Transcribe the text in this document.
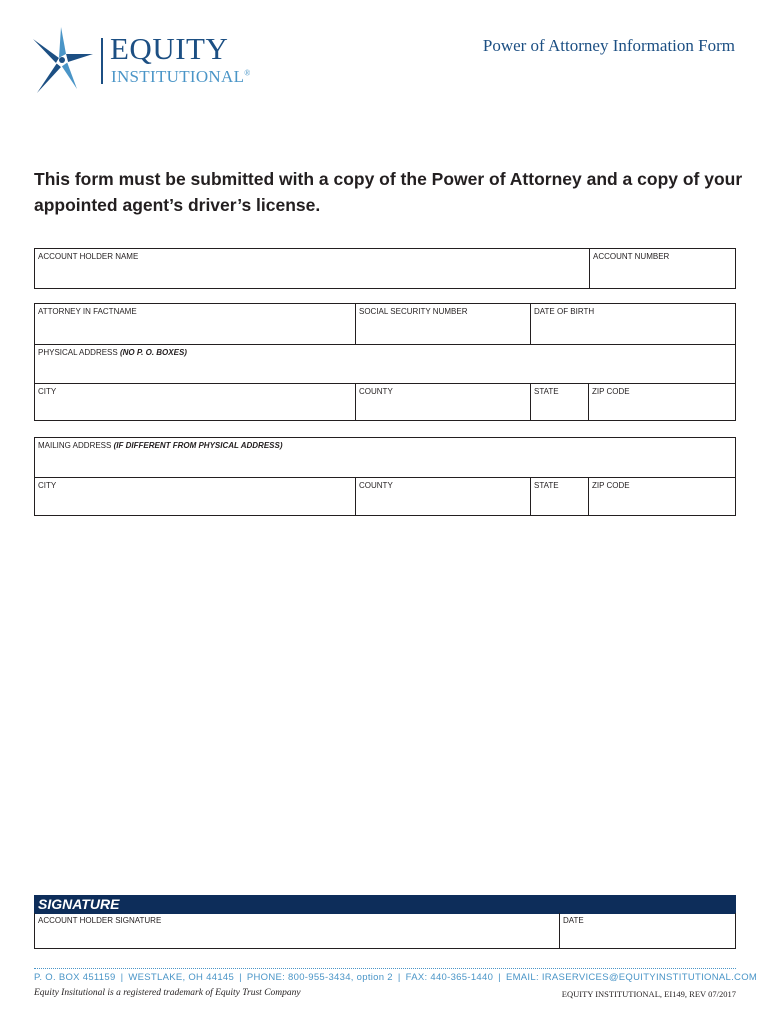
EQUITY
INSTITUTIONAL®
Power of Attorney Information Form
This form must be submitted with a copy of the Power of Attorney and a copy of your appointed agent’s driver’s license.
ACCOUNT HOLDER NAME	ACCOUNT NUMBER
ATTORNEY IN FACTNAME	SOCIAL SECURITY NUMBER	DATE OF BIRTH
PHYSICAL ADDRESS (NO P. O. BOXES)
CITY	COUNTY	STATE	ZIP CODE
MAILING ADDRESS (IF DIFFERENT FROM PHYSICAL ADDRESS)
CITY	COUNTY	STATE	ZIP CODE
SIGNATURE
ACCOUNT HOLDER SIGNATURE	DATE
P. O. BOX 451159 | WESTLAKE, OH 44145 | PHONE: 800-955-3434, option 2 | FAX: 440-365-1440 | EMAIL: IRASERVICES@EQUITYINSTITUTIONAL.COM
Equity Insitutional is a registered trademark of Equity Trust Company	EQUITY INSTITUTIONAL, EI149, REV 07/2017
